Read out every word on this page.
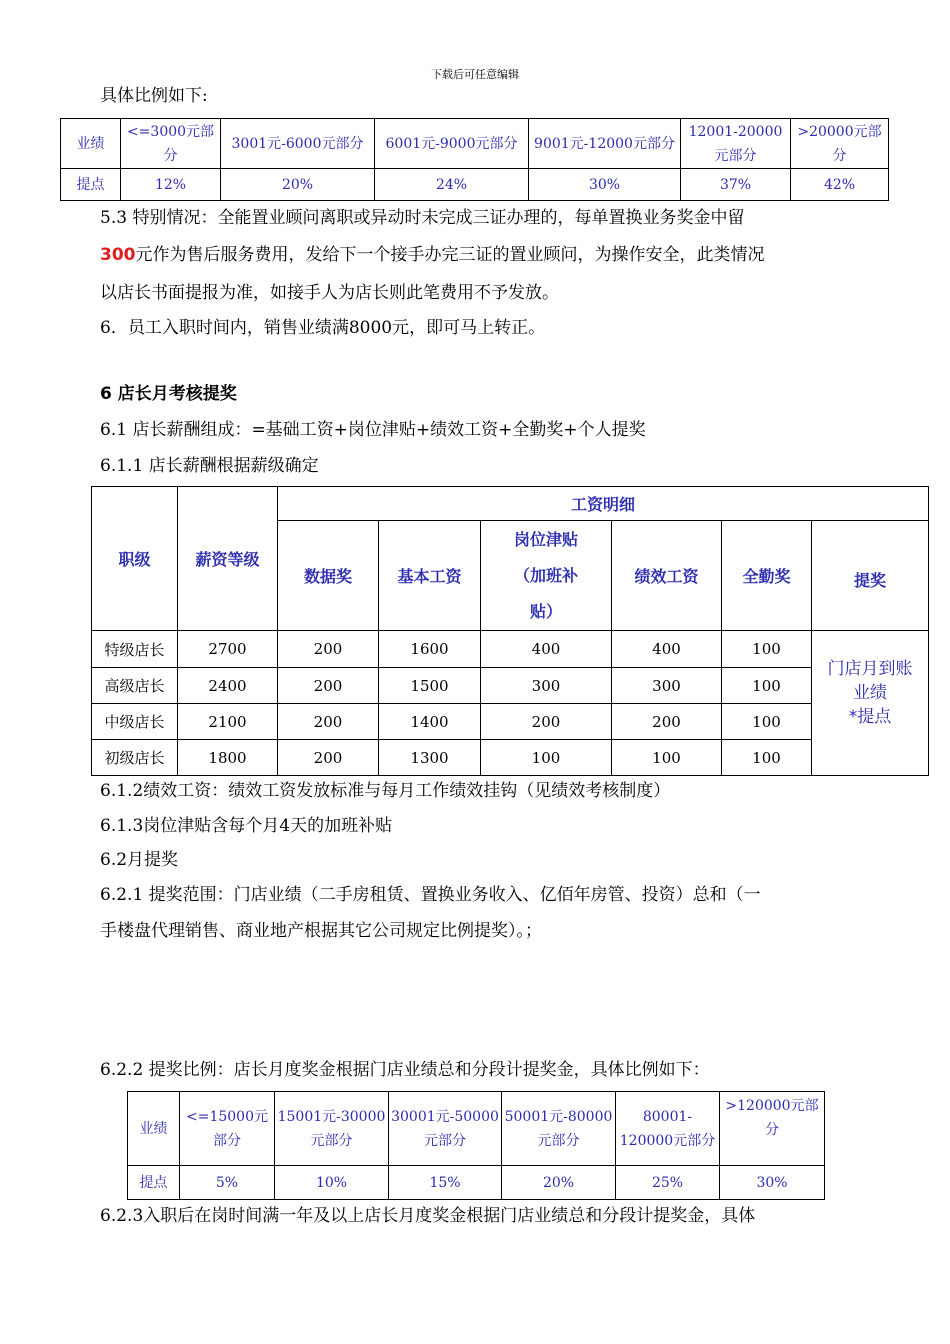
下载后可任意编辑
具体比例如下:
业绩	<=3000元部分	3001元-6000元部分	6001元-9000元部分	9001元-12000元部分	12001-20000元部分	>20000元部分
提点	12%	20%	24%	30%	37%	42%
5.3 特别情况：全能置业顾问离职或异动时未完成三证办理的，每单置换业务奖金中留
300元作为售后服务费用，发给下一个接手办完三证的置业顾问，为操作安全，此类情况
以店长书面提报为准，如接手人为店长则此笔费用不予发放。
6．员工入职时间内，销售业绩满8000元，即可马上转正。
6 店长月考核提奖
6.1 店长薪酬组成：=基础工资+岗位津贴+绩效工资+全勤奖+个人提奖
6.1.1 店长薪酬根据薪级确定
职级	薪资等级	工资明细					
		数据奖	基本工资	岗位津贴
（加班补
贴）	绩效工资	全勤奖	提奖
特级店长	2700	200	1600	400	400	100	门店月到账
业绩
*提点
高级店长	2400	200	1500	300	300	100	
中级店长	2100	200	1400	200	200	100	
初级店长	1800	200	1300	100	100	100	
6.1.2绩效工资：绩效工资发放标准与每月工作绩效挂钩（见绩效考核制度）
6.1.3岗位津贴含每个月4天的加班补贴
6.2月提奖
6.2.1 提奖范围：门店业绩（二手房租赁、置换业务收入、亿佰年房管、投资）总和（一
手楼盘代理销售、商业地产根据其它公司规定比例提奖）。；
6.2.2 提奖比例：店长月度奖金根据门店业绩总和分段计提奖金，具体比例如下：
业绩	<=15000元部分	15001元-30000元部分	30001元-50000元部分	50001元-80000元部分	80001-120000元部分	>120000元部分
提点	5%	10%	15%	20%	25%	30%
6.2.3入职后在岗时间满一年及以上店长月度奖金根据门店业绩总和分段计提奖金，具体
